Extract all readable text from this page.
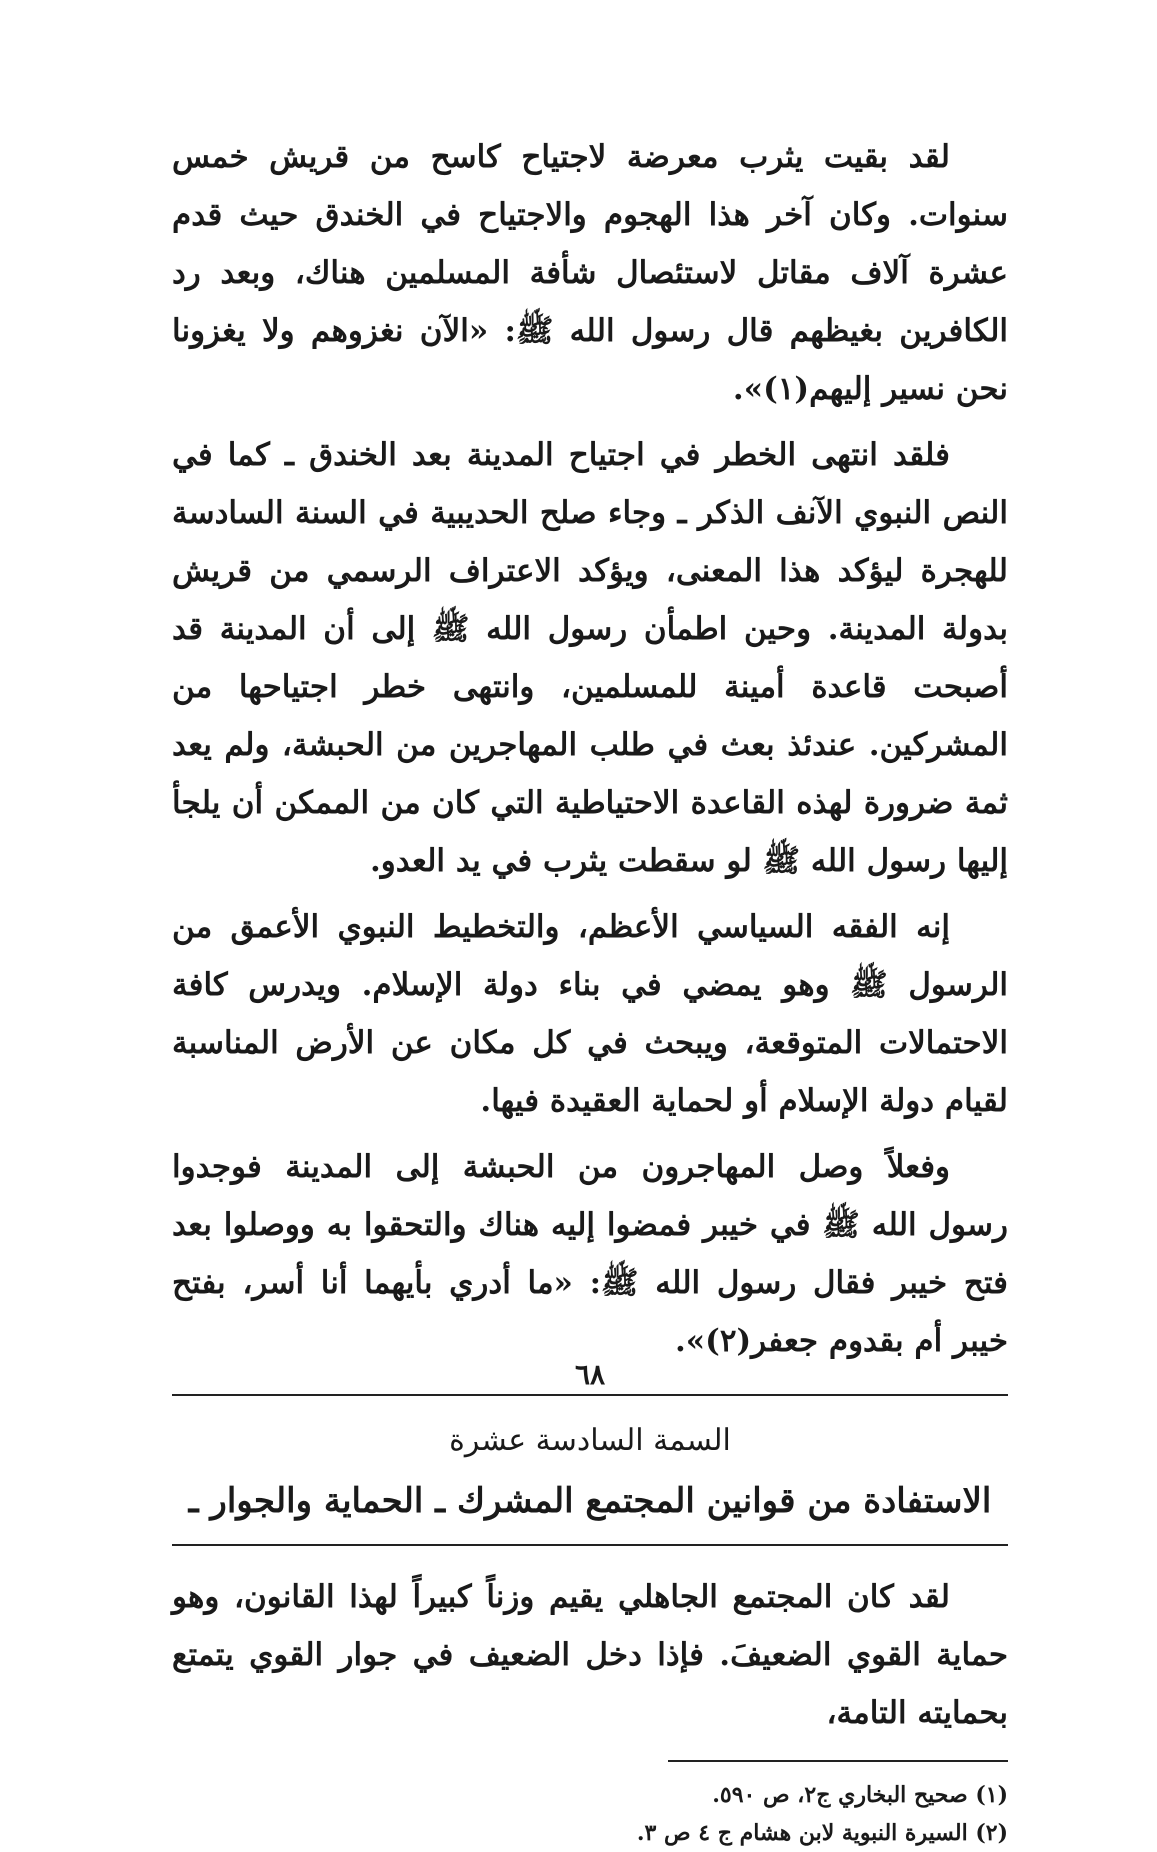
لقد بقيت يثرب معرضة لاجتياح كاسح من قريش خمس سنوات. وكان آخر هذا الهجوم والاجتياح في الخندق حيث قدم عشرة آلاف مقاتل لاستئصال شأفة المسلمين هناك، وبعد رد الكافرين بغيظهم قال رسول الله ﷺ: «الآن نغزوهم ولا يغزونا نحن نسير إليهم(١)».

فلقد انتهى الخطر في اجتياح المدينة بعد الخندق ـ كما في النص النبوي الآنف الذكر ـ وجاء صلح الحديبية في السنة السادسة للهجرة ليؤكد هذا المعنى، ويؤكد الاعتراف الرسمي من قريش بدولة المدينة. وحين اطمأن رسول الله ﷺ إلى أن المدينة قد أصبحت قاعدة أمينة للمسلمين، وانتهى خطر اجتياحها من المشركين. عندئذ بعث في طلب المهاجرين من الحبشة، ولم يعد ثمة ضرورة لهذه القاعدة الاحتياطية التي كان من الممكن أن يلجأ إليها رسول الله ﷺ لو سقطت يثرب في يد العدو.

إنه الفقه السياسي الأعظم، والتخطيط النبوي الأعمق من الرسول ﷺ وهو يمضي في بناء دولة الإسلام. ويدرس كافة الاحتمالات المتوقعة، ويبحث في كل مكان عن الأرض المناسبة لقيام دولة الإسلام أو لحماية العقيدة فيها.

وفعلاً وصل المهاجرون من الحبشة إلى المدينة فوجدوا رسول الله ﷺ في خيبر فمضوا إليه هناك والتحقوا به ووصلوا بعد فتح خيبر فقال رسول الله ﷺ: «ما أدري بأيهما أنا أسر، بفتح خيبر أم بقدوم جعفر(٢)».

السمة السادسة عشرة

الاستفادة من قوانين المجتمع المشرك ـ الحماية والجوار ـ

لقد كان المجتمع الجاهلي يقيم وزناً كبيراً لهذا القانون، وهو حماية القوي الضعيفَ. فإذا دخل الضعيف في جوار القوي يتمتع بحمايته التامة،

(١) صحيح البخاري ج٢، ص ٥٩٠.

(٢) السيرة النبوية لابن هشام ج ٤ ص ٣.

٦٨
